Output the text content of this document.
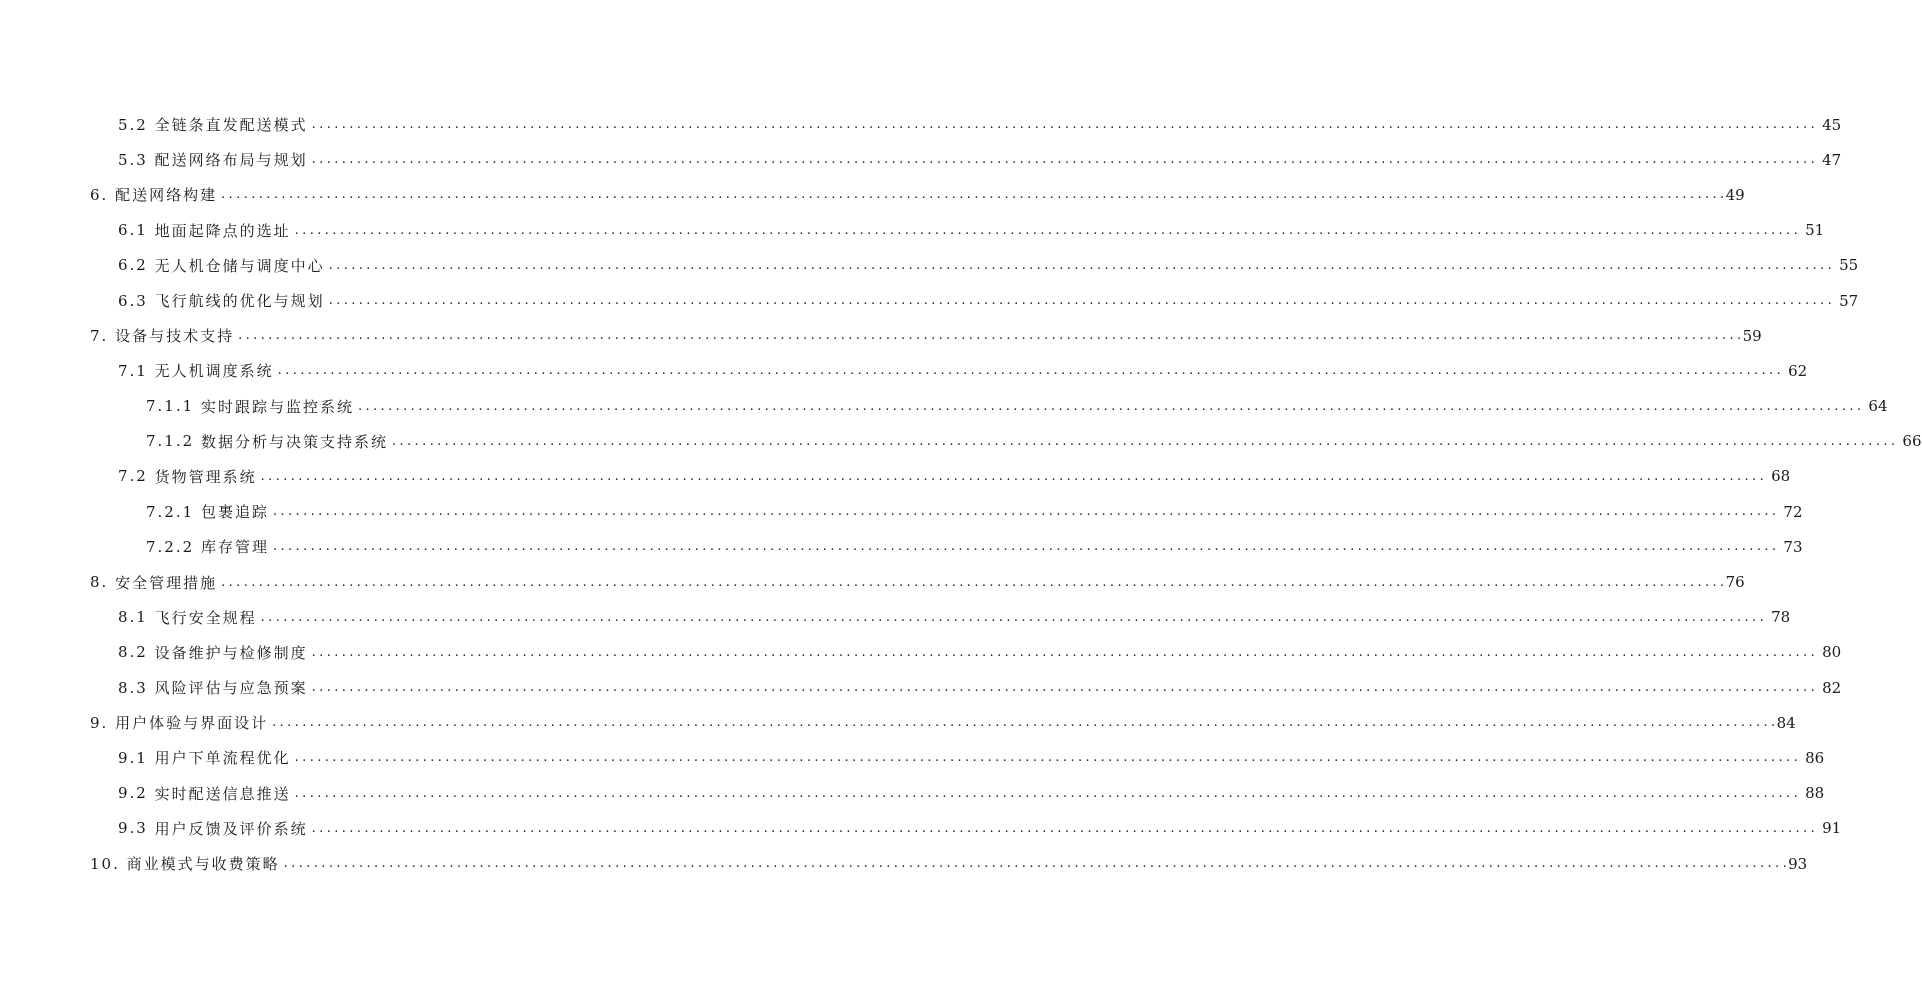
5.2 全链条直发配送模式 ........................................................................................................................................................................................................ 45
5.3 配送网络布局与规划 ........................................................................................................................................................................................................ 47
6. 配送网络构建 ........................................................................................................................................................................................................
49
6.1 地面起降点的选址 ........................................................................................................................................................................................................ 51
6.2 无人机仓储与调度中心 ........................................................................................................................................................................................................ 55
6.3 飞行航线的优化与规划 ........................................................................................................................................................................................................ 57
7. 设备与技术支持 ........................................................................................................................................................................................................
59
7.1 无人机调度系统 ........................................................................................................................................................................................................ 62
7.1.1 实时跟踪与监控系统 ........................................................................................................................................................................................................ 64
7.1.2 数据分析与决策支持系统 ........................................................................................................................................................................................................ 66
7.2 货物管理系统 ........................................................................................................................................................................................................ 68
7.2.1 包裹追踪 ........................................................................................................................................................................................................ 72
7.2.2 库存管理 ........................................................................................................................................................................................................ 73
8. 安全管理措施 ........................................................................................................................................................................................................
76
8.1 飞行安全规程 ........................................................................................................................................................................................................ 78
8.2 设备维护与检修制度 ........................................................................................................................................................................................................ 80
8.3 风险评估与应急预案 ........................................................................................................................................................................................................ 82
9. 用户体验与界面设计 ........................................................................................................................................................................................................
84
9.1 用户下单流程优化 ........................................................................................................................................................................................................ 86
9.2 实时配送信息推送 ........................................................................................................................................................................................................ 88
9.3 用户反馈及评价系统 ........................................................................................................................................................................................................ 91
10. 商业模式与收费策略 ........................................................................................................................................................................................................
93
